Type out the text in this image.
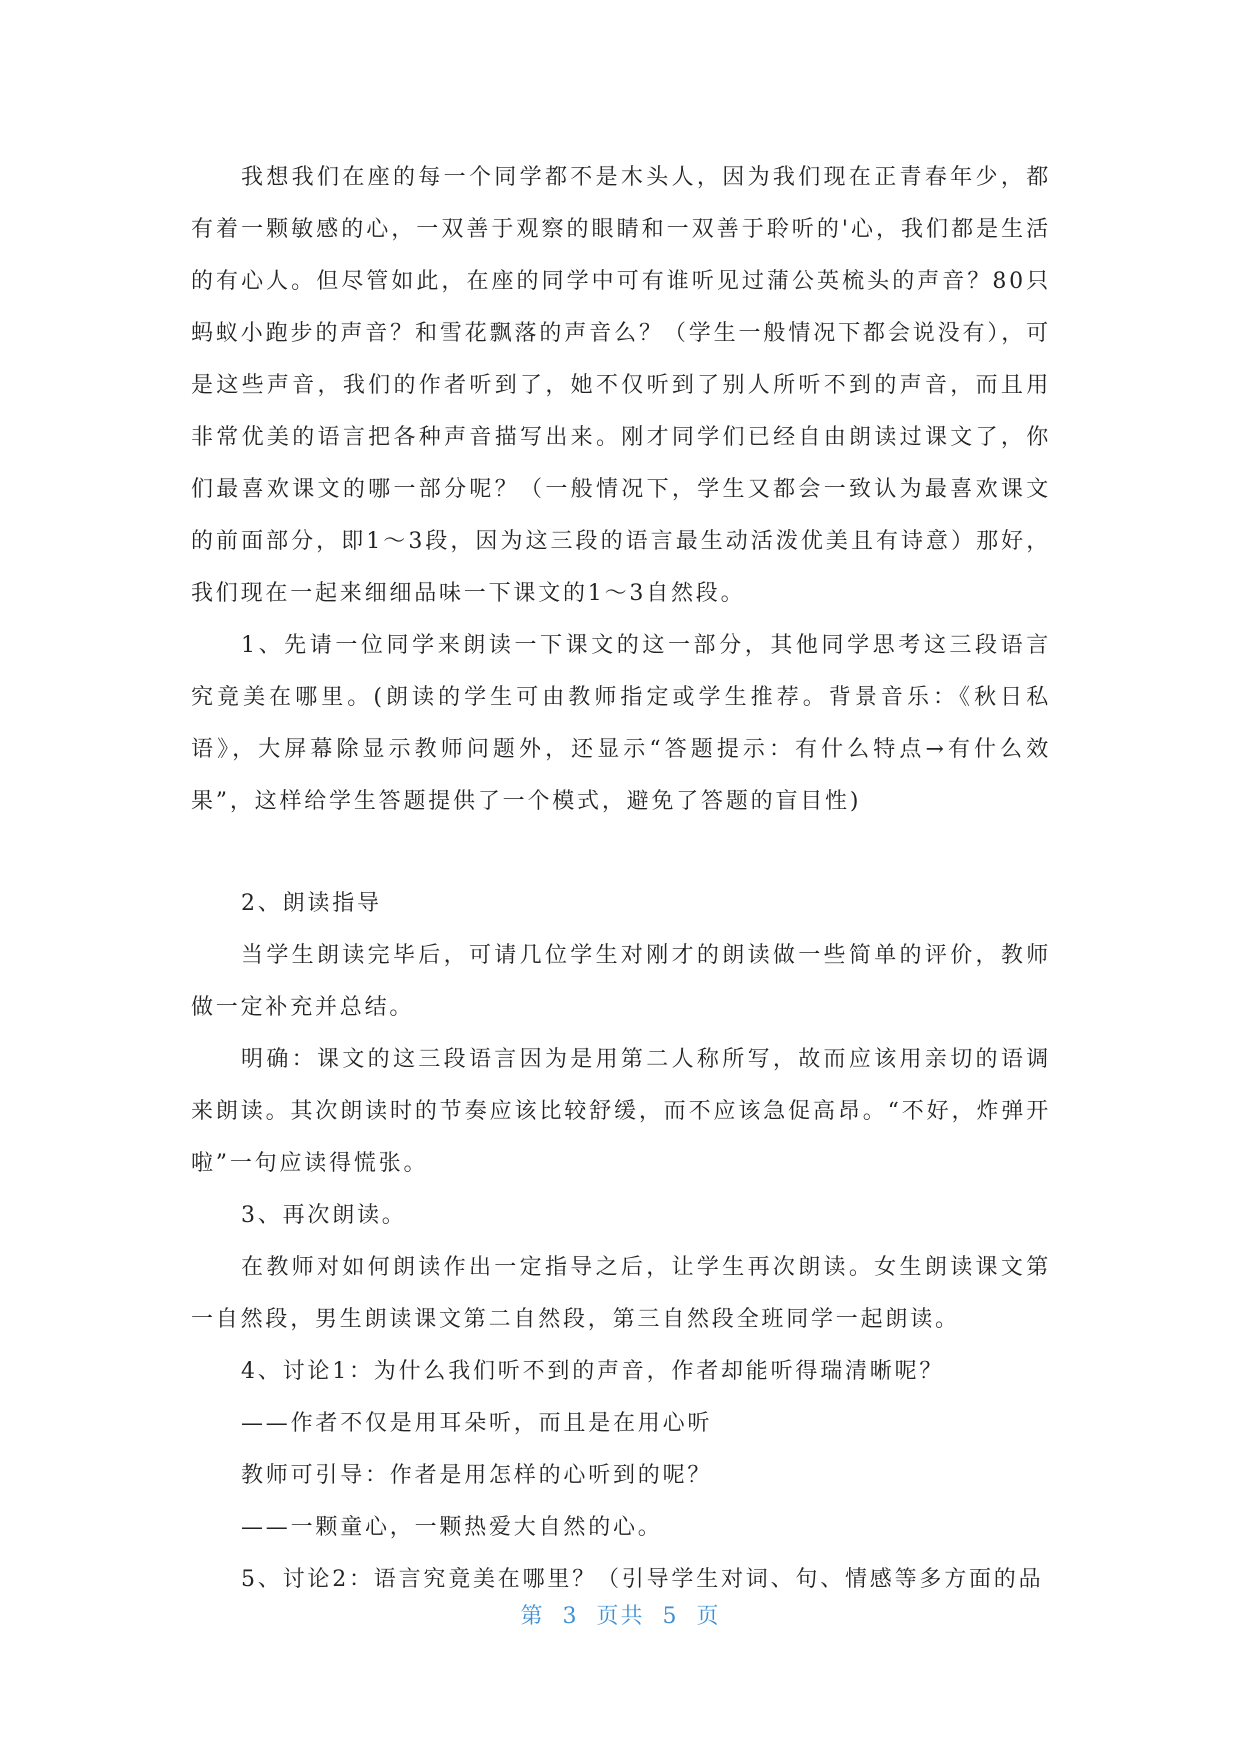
我想我们在座的每一个同学都不是木头人，因为我们现在正青春年少，都有着一颗敏感的心，一双善于观察的眼睛和一双善于聆听的'心，我们都是生活的有心人。但尽管如此，在座的同学中可有谁听见过蒲公英梳头的声音？80只蚂蚁小跑步的声音？和雪花飘落的声音么？（学生一般情况下都会说没有），可是这些声音，我们的作者听到了，她不仅听到了别人所听不到的声音，而且用非常优美的语言把各种声音描写出来。刚才同学们已经自由朗读过课文了，你们最喜欢课文的哪一部分呢？（一般情况下，学生又都会一致认为最喜欢课文的前面部分，即1～3段，因为这三段的语言最生动活泼优美且有诗意）那好，我们现在一起来细细品味一下课文的1～3自然段。

1、先请一位同学来朗读一下课文的这一部分，其他同学思考这三段语言究竟美在哪里。(朗读的学生可由教师指定或学生推荐。背景音乐：《秋日私语》，大屏幕除显示教师问题外，还显示“答题提示：有什么特点→有什么效果”，这样给学生答题提供了一个模式，避免了答题的盲目性)

2、朗读指导

当学生朗读完毕后，可请几位学生对刚才的朗读做一些简单的评价，教师做一定补充并总结。

明确：课文的这三段语言因为是用第二人称所写，故而应该用亲切的语调来朗读。其次朗读时的节奏应该比较舒缓，而不应该急促高昂。“不好，炸弹开啦”一句应读得慌张。

3、再次朗读。

在教师对如何朗读作出一定指导之后，让学生再次朗读。女生朗读课文第一自然段，男生朗读课文第二自然段，第三自然段全班同学一起朗读。

4、讨论1：为什么我们听不到的声音，作者却能听得瑞清晰呢？

——作者不仅是用耳朵听，而且是在用心听

教师可引导：作者是用怎样的心听到的呢？

——一颗童心，一颗热爱大自然的心。

5、讨论2：语言究竟美在哪里？（引导学生对词、句、情感等多方面的品

第 3 页共 5 页
